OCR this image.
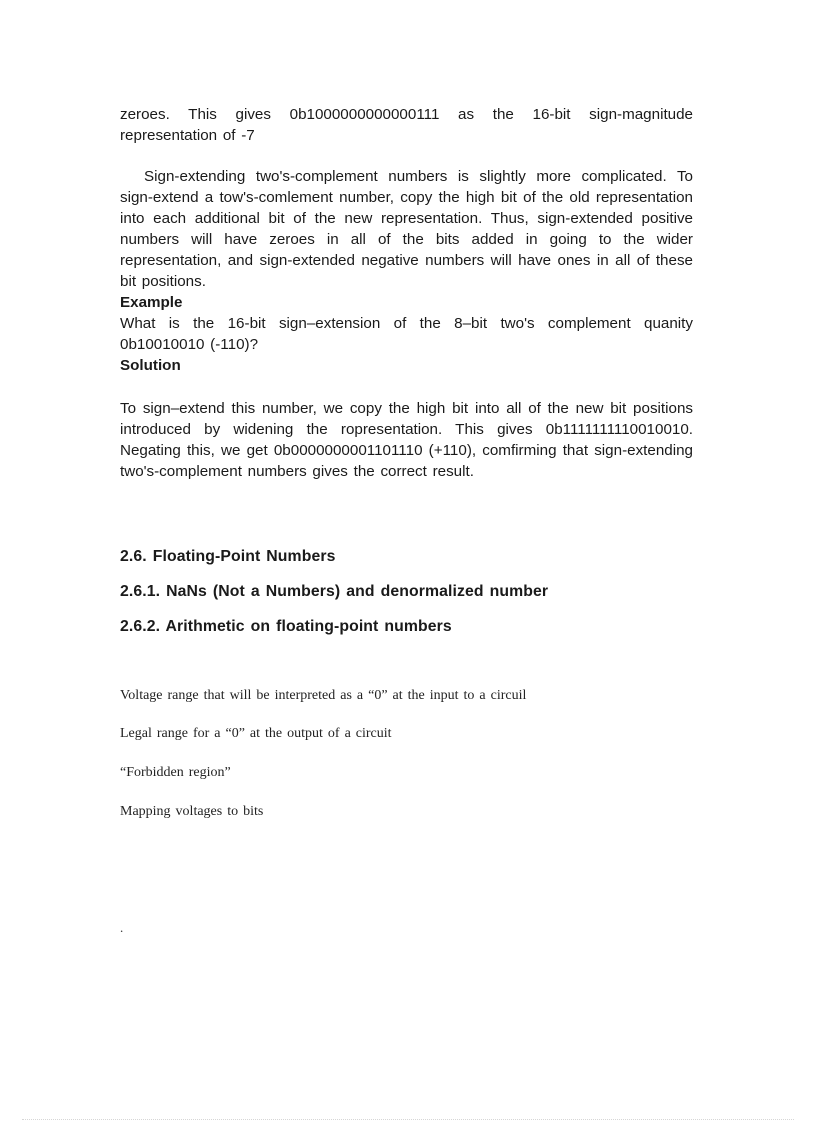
zeroes. This gives 0b1000000000000111 as the 16-bit sign-magnitude representation of -7

Sign-extending two's-complement numbers is slightly more complicated. To sign-extend a tow's-comlement number, copy the high bit of the old representation into each additional bit of the new representation. Thus, sign-extended positive numbers will have zeroes in all of the bits added in going to the wider representation, and sign-extended negative numbers will have ones in all of these bit positions.

Example

What is the 16-bit sign–extension of the 8–bit two's complement quanity 0b10010010 (-110)?

Solution

To sign–extend this number, we copy the high bit into all of the new bit positions introduced by widening the ropresentation. This gives 0b1111111110010010. Negating this, we get 0b0000000001101110 (+110), comfirming that sign-extending two's-complement numbers gives the correct result.

2.6. Floating-Point Numbers

2.6.1. NaNs (Not a Numbers) and denormalized number

2.6.2. Arithmetic on floating-point numbers

Voltage range that will be interpreted as a “0” at the input to a circuil

Legal range for a “0” at the output of a circuit

“Forbidden region”

Mapping voltages to bits

.
